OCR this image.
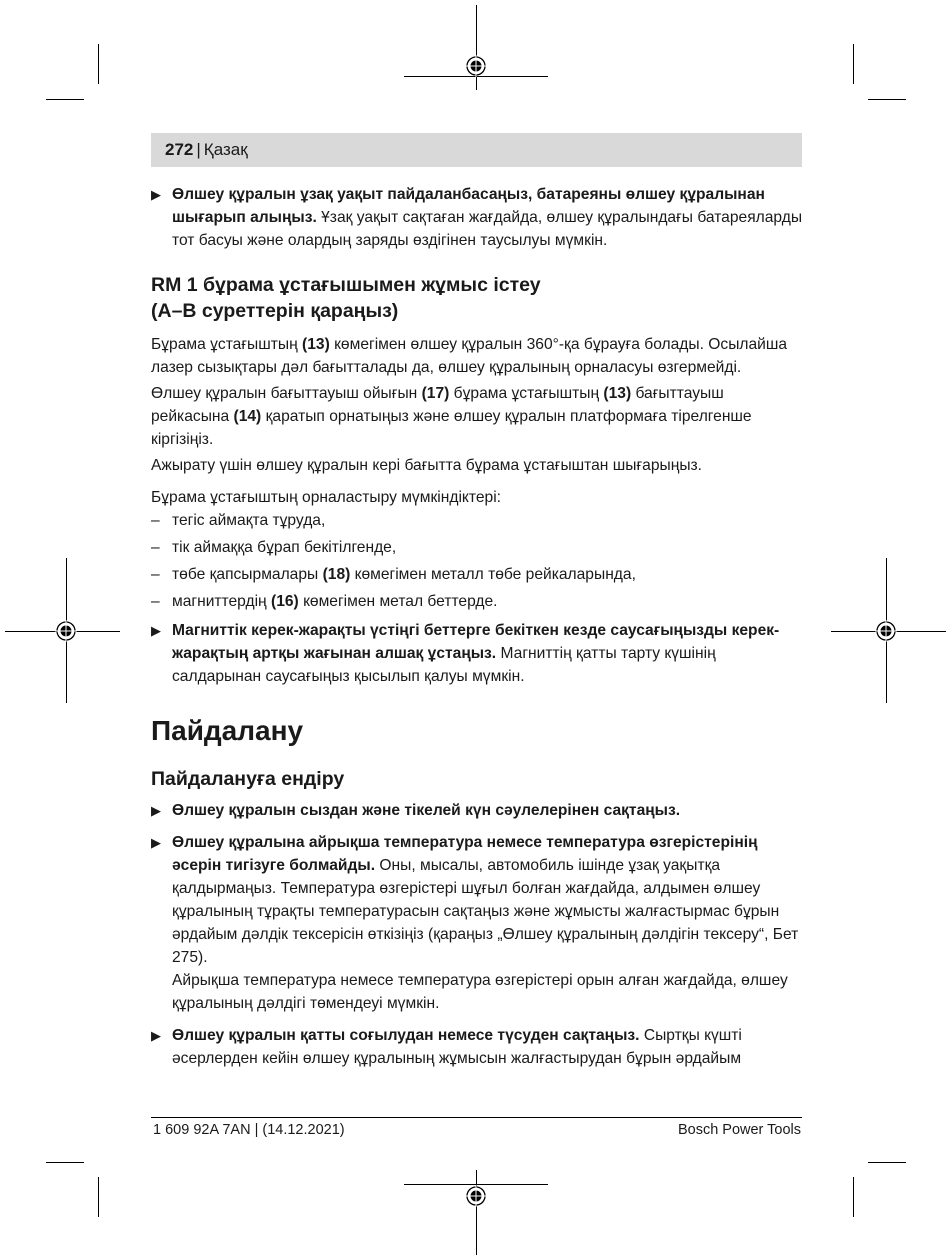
272 | Қазақ
▶ Өлшеу құралын ұзақ уақыт пайдаланбасаңыз, батареяны өлшеу құралынан шығарып алыңыз. Ұзақ уақыт сақтаған жағдайда, өлшеу құралындағы батареяларды тот басуы және олардың заряды өздігінен таусылуы мүмкін.
RM 1 бұрама ұстағышымен жұмыс істеу
(A–B суреттерін қараңыз)

Бұрама ұстағыштың (13) көмегімен өлшеу құралын 360°-қа бұрауға болады. Осылайша лазер сызықтары дәл бағытталады да, өлшеу құралының орналасуы өзгермейді.

Өлшеу құралын бағыттауыш ойығын (17) бұрама ұстағыштың (13) бағыттауыш рейкасына (14) қаратып орнатыңыз және өлшеу құралын платформаға тірелгенше кіргізіңіз.

Ажырату үшін өлшеу құралын кері бағытта бұрама ұстағыштан шығарыңыз.

Бұрама ұстағыштың орналастыру мүмкіндіктері:

– тегіс аймақта тұруда,
– тік аймаққа бұрап бекітілгенде,
– төбе қапсырмалары (18) көмегімен металл төбе рейкаларында,
– магниттердің (16) көмегімен метал беттерде.
▶ Магниттік керек-жарақты үстіңгі беттерге бекіткен кезде саусағыңызды керек-жарақтың артқы жағынан алшақ ұстаңыз. Магниттің қатты тарту күшінің салдарынан саусағыңыз қысылып қалуы мүмкін.
Пайдалану
Пайдалануға ендіру
▶ Өлшеу құралын сыздан және тікелей күн сәулелерінен сақтаңыз.
▶ Өлшеу құралына айрықша температура немесе температура өзгерістерінің әсерін тигізуге болмайды. Оны, мысалы, автомобиль ішінде ұзақ уақытқа қалдырмаңыз. Температура өзгерістері шұғыл болған жағдайда, алдымен өлшеу құралының тұрақты температурасын сақтаңыз және жұмысты жалғастырмас бұрын әрдайым дәлдік тексерісін өткізіңіз (қараңыз „Өлшеу құралының дәлдігін тексеру“, Бет 275).
Айрықша температура немесе температура өзгерістері орын алған жағдайда, өлшеу құралының дәлдігі төмендеуі мүмкін.
▶ Өлшеу құралын қатты соғылудан немесе түсуден сақтаңыз. Сыртқы күшті әсерлерден кейін өлшеу құралының жұмысын жалғастырудан бұрын әрдайым
1 609 92A 7AN | (14.12.2021)	Bosch Power Tools
